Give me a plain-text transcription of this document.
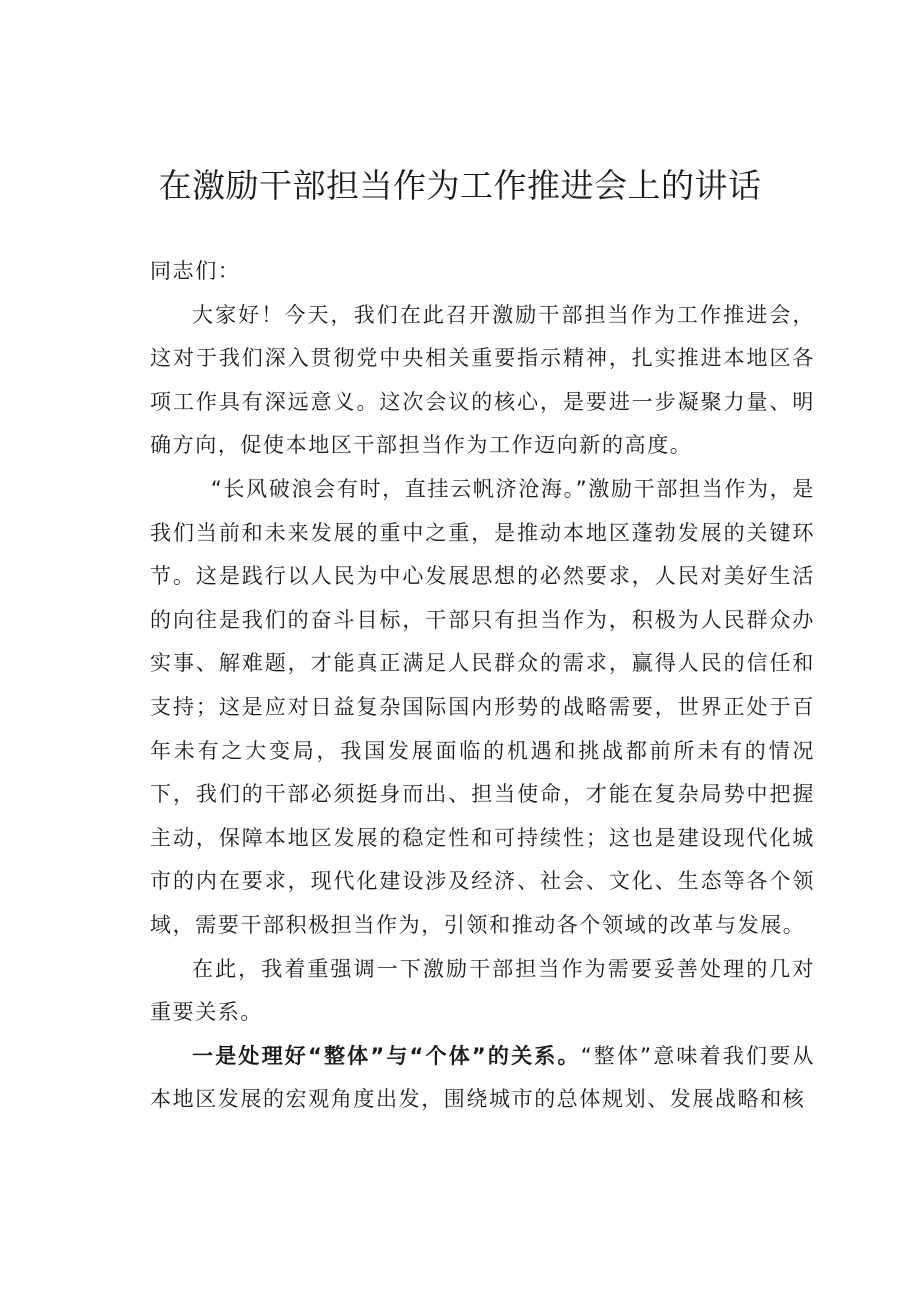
在激励干部担当作为工作推进会上的讲话

同志们：

大家好！今天，我们在此召开激励干部担当作为工作推进会，这对于我们深入贯彻党中央相关重要指示精神，扎实推进本地区各项工作具有深远意义。这次会议的核心，是要进一步凝聚力量、明确方向，促使本地区干部担当作为工作迈向新的高度。

“长风破浪会有时，直挂云帆济沧海。”激励干部担当作为，是我们当前和未来发展的重中之重，是推动本地区蓬勃发展的关键环节。这是践行以人民为中心发展思想的必然要求，人民对美好生活的向往是我们的奋斗目标，干部只有担当作为，积极为人民群众办实事、解难题，才能真正满足人民群众的需求，赢得人民的信任和支持；这是应对日益复杂国际国内形势的战略需要，世界正处于百年未有之大变局，我国发展面临的机遇和挑战都前所未有的情况下，我们的干部必须挺身而出、担当使命，才能在复杂局势中把握主动，保障本地区发展的稳定性和可持续性；这也是建设现代化城市的内在要求，现代化建设涉及经济、社会、文化、生态等各个领域，需要干部积极担当作为，引领和推动各个领域的改革与发展。

在此，我着重强调一下激励干部担当作为需要妥善处理的几对重要关系。

一是处理好“整体”与“个体”的关系。“整体”意味着我们要从本地区发展的宏观角度出发，围绕城市的总体规划、发展战略和核
